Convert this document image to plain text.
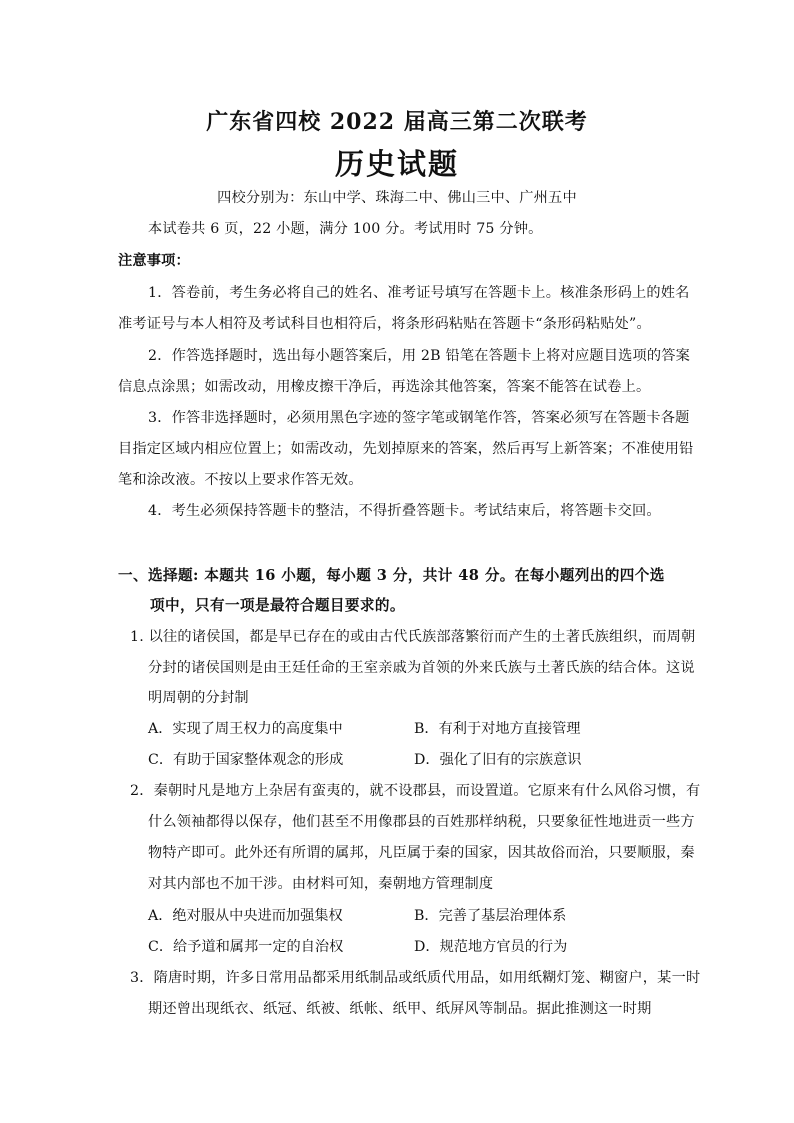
广东省四校 2022 届高三第二次联考
历史试题
四校分别为：东山中学、珠海二中、佛山三中、广州五中
本试卷共 6 页，22 小题，满分 100 分。考试用时 75 分钟。
注意事项：
1．答卷前，考生务必将自己的姓名、准考证号填写在答题卡上。核准条形码上的姓名
准考证号与本人相符及考试科目也相符后，将条形码粘贴在答题卡“条形码粘贴处”。
2．作答选择题时，选出每小题答案后，用 2B 铅笔在答题卡上将对应题目选项的答案
信息点涂黑；如需改动，用橡皮擦干净后，再选涂其他答案，答案不能答在试卷上。
3．作答非选择题时，必须用黑色字迹的签字笔或钢笔作答，答案必须写在答题卡各题
目指定区域内相应位置上；如需改动，先划掉原来的答案，然后再写上新答案；不准使用铅
笔和涂改液。不按以上要求作答无效。
4．考生必须保持答题卡的整洁，不得折叠答题卡。考试结束后，将答题卡交回。
一、选择题: 本题共 16 小题，每小题 3 分，共计 48 分。在每小题列出的四个选
项中，只有一项是最符合题目要求的。
1. 以往的诸侯国，都是早已存在的或由古代氏族部落繁衍而产生的土著氏族组织，而周朝
分封的诸侯国则是由王廷任命的王室亲戚为首领的外来氏族与土著氏族的结合体。这说
明周朝的分封制
A．实现了周王权力的高度集中	B．有利于对地方直接管理
C．有助于国家整体观念的形成	D．强化了旧有的宗族意识
2．秦朝时凡是地方上杂居有蛮夷的，就不设郡县，而设置道。它原来有什么风俗习惯，有
什么领袖都得以保存，他们甚至不用像郡县的百姓那样纳税，只要象征性地进贡一些方
物特产即可。此外还有所谓的属邦，凡臣属于秦的国家，因其故俗而治，只要顺服，秦
对其内部也不加干涉。由材料可知，秦朝地方管理制度
A．绝对服从中央进而加强集权	B．完善了基层治理体系
C．给予道和属邦一定的自治权	D．规范地方官员的行为
3．隋唐时期，许多日常用品都采用纸制品或纸质代用品，如用纸糊灯笼、糊窗户，某一时
期还曾出现纸衣、纸冠、纸被、纸帐、纸甲、纸屏风等制品。据此推测这一时期
